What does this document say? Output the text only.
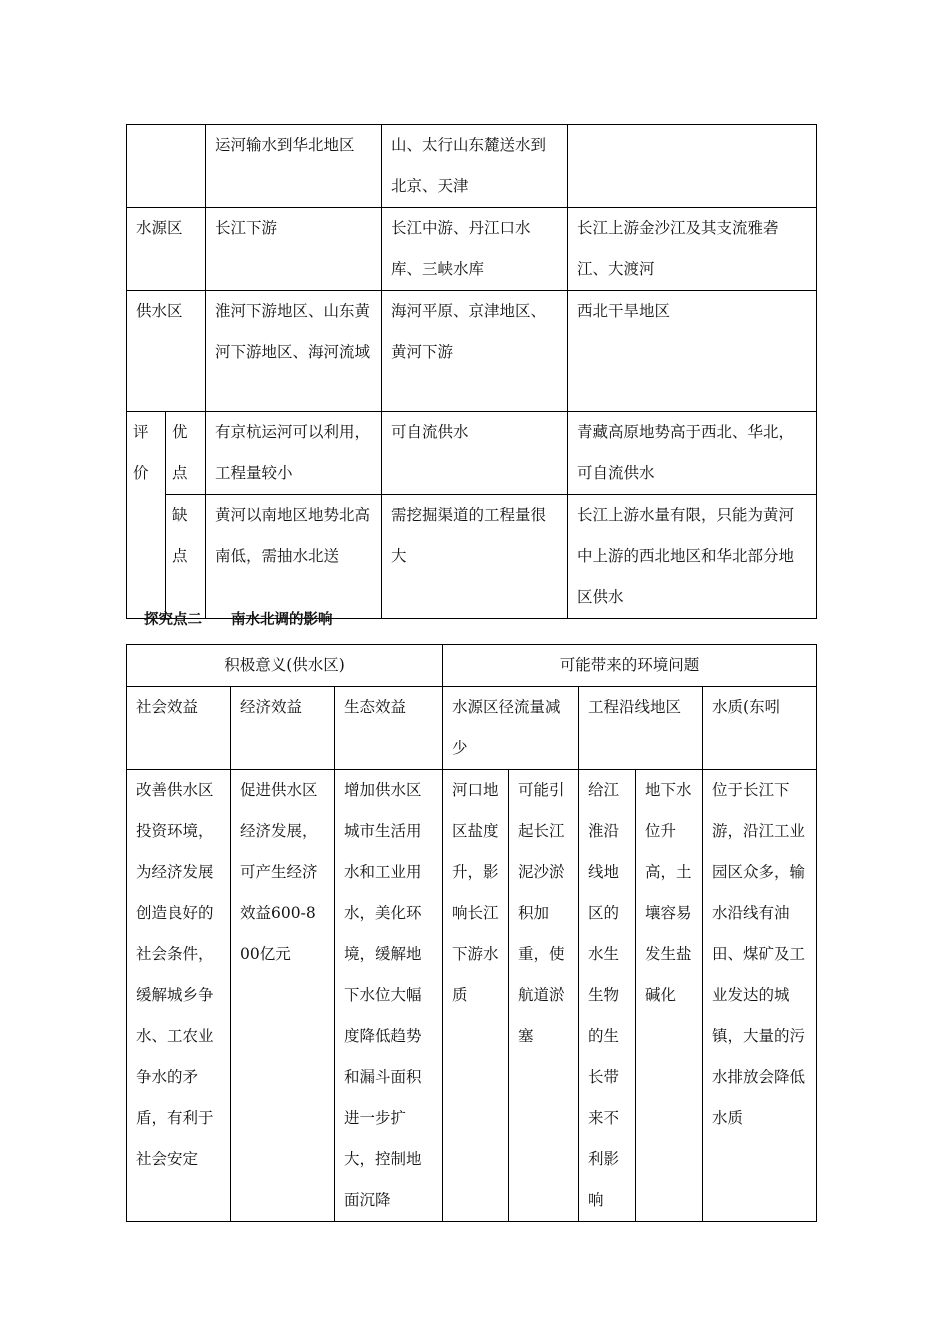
		运河输水到华北地区	山、太行山东麓送水到北京、天津	
水源区		长江下游	长江中游、丹江口水库、三峡水库	长江上游金沙江及其支流雅砻江、大渡河
供水区		淮河下游地区、山东黄河下游地区、海河流域	海河平原、京津地区、黄河下游	西北干旱地区
评价	优点	有京杭运河可以利用，工程量较小	可自流供水	青藏高原地势高于西北、华北，可自流供水
	缺点	黄河以南地区地势北高南低，需抽水北送	需挖掘渠道的工程量很大	长江上游水量有限，只能为黄河中上游的西北地区和华北部分地区供水
探究点二　　南水北调的影响
积极意义(供水区)			可能带来的环境问题				
社会效益	经济效益	生态效益	水源区径流量减少		工程沿线地区		水质(东吲
改善供水区投资环境，为经济发展创造良好的社会条件，缓解城乡争水、工农业争水的矛盾，有利于社会安定	促进供水区经济发展，可产生经济效益600-800亿元	增加供水区城市生活用水和工业用水，美化环境，缓解地下水位大幅度降低趋势和漏斗面积进一步扩大，控制地面沉降	河口地区盐度升，影响长江下游水质	可能引起长江泥沙淤积加重，使航道淤塞	给江淮沿线地区的水生生物的生长带来不利影响	地下水位升高，土壤容易发生盐碱化	位于长江下游，沿江工业园区众多，输水沿线有油田、煤矿及工业发达的城镇，大量的污水排放会降低水质
